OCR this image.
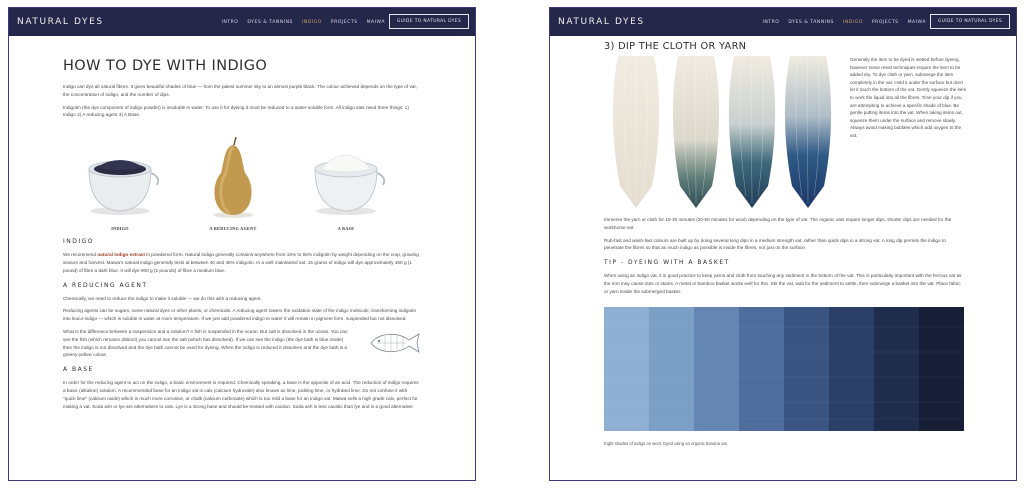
NATURAL DYES	INTRO DYES & TANNINS INDIGO PROJECTS MAIWA	GUIDE TO NATURAL DYES
HOW TO DYE WITH INDIGO

Indigo can dye all natural fibres. It gives beautiful shades of blue — from the palest summer sky to an almost purple black. The colour achieved depends on the type of vat, the concentration of indigo, and the number of dips.

Indigotin (the dye component of indigo powder) is insoluble in water. To use it for dyeing it must be reduced to a water-soluble form. All indigo vats need three things: 1) Indigo 2) A reducing agent 3) A Base.

INDIGO	A REDUCING AGENT	A BASE
INDIGO

We recommend natural indigo extract in powdered form. Natural indigo generally contains anywhere from 15% to 55% indigotin by weight depending on the crop, growing season and harvest. Maiwa's natural indigo generally tests at between 40 and 45% indigotin. In a well maintained vat, 15 grams of indigo will dye approximately 450 g (1 pound) of fibre a dark blue. It will dye 900 g (2 pounds) of fibre a medium blue.

A REDUCING AGENT

Chemically, we need to reduce the indigo to make it soluble — we do this with a reducing agent.

Reducing agents can be sugars, some natural dyes or other plants, or chemicals. A reducing agent lowers the oxidation state of the indigo molecule, transforming indigotin into leuco-indigo — which is soluble in water at room temperature. If we just add powdered indigo to water it will remain in pigment form, suspended but not dissolved.

What is the difference between a suspension and a solution? A fish is suspended in the ocean. But salt is dissolved in the ocean. You can see the fish (which remains distinct) you cannot see the salt (which has dissolved). If we can see the indigo (the dye bath is blue inside) then the indigo is not dissolved and the dye bath cannot be used for dyeing. When the indigo is reduced it dissolves and the dye bath is a greeny-yellow colour.

A BASE

In order for the reducing agent to act on the indigo, a basic environment is required. Chemically speaking, a base is the opposite of an acid. The reduction of indigo requires a basic (alkaline) solution. A recommended base for an indigo vat is calx (calcium hydroxide) also known as lime, pickling lime, or hydrated lime. Do not confuse it with "quick lime" (calcium oxide) which is much more corrosive, or chalk (calcium carbonate) which is too mild a base for an indigo vat. Maiwa sells a high grade calx, perfect for making a vat. Soda ash or lye are alternatives to calx. Lye is a strong base and should be treated with caution. Soda ash is less caustic than lye and is a good alternative

NATURAL DYES	INTRO DYES & TANNINS INDIGO PROJECTS MAIWA	GUIDE TO NATURAL DYES
3) DIP THE CLOTH OR YARN
Generally the item to be dyed is wetted before dyeing, however some resist techniques require the item to be added dry. To dye cloth or yarn, submerge the item completely in the vat. Hold it under the surface but don't let it touch the bottom of the vat. Gently squeeze the item to work the liquid into all the fibres. Time your dip if you are attempting to achieve a specific shade of blue. Be gentle putting items into the vat. When taking items out, squeeze them under the surface and remove slowly. Always avoid making bubbles which add oxygen to the vat.

Immerse the yarn or cloth for 10-30 minutes (20-60 minutes for wool) depending on the type of vat. The organic vats require longer dips, shorter dips are needed for the workhorse vat.

Rub-fast and wash-fast colours are built up by doing several long dips in a medium strength vat, rather than quick dips in a strong vat. A long dip permits the indigo to penetrate the fibres so that as much indigo as possible is inside the fibres, not just on the surface.

TIP - DYEING WITH A BASKET

When using an indigo vat, it is good practice to keep yarns and cloth from touching any sediment in the bottom of the vat. This is particularly important with the ferrous vat as the iron may cause dots or stains. A metal or bamboo basket works well for this. Stir the vat, wait for the sediment to settle, then submerge a basket into the vat. Place fabric or yarn inside the submerged basket.

Eight shades of indigo on wool. Dyed using an organic banana vat.
